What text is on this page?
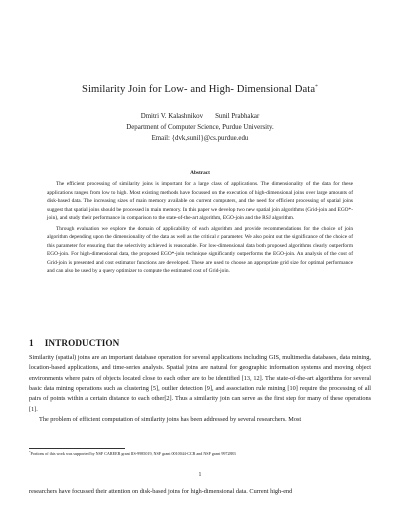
Similarity Join for Low- and High- Dimensional Data*
Dmitri V. Kalashnikov Sunil Prabhakar
Department of Computer Science, Purdue University.
Email: {dvk,sunil}@cs.purdue.edu
Abstract

The efficient processing of similarity joins is important for a large class of applications. The dimensionality of the data for these applications ranges from low to high. Most existing methods have focussed on the execution of high-dimensional joins over large amounts of disk-based data. The increasing sizes of main memory available on current computers, and the need for efficient processing of spatial joins suggest that spatial joins should be processed in main memory. In this paper we develop two new spatial join algorithms (Grid-join and EGO*-join), and study their performance in comparison to the state-of-the-art algorithm, EGO-join and the RSJ algorithm.

Through evaluation we explore the domain of applicability of each algorithm and provide recommendations for the choice of join algorithm depending upon the dimensionality of the data as well as the critical ε parameter. We also point out the significance of the choice of this parameter for ensuring that the selectivity achieved is reasonable. For low-dimensional data both proposed algorithms clearly outperform EGO-join. For high-dimensional data, the proposed EGO*-join technique significantly outperforms the EGO-join. An analysis of the cost of Grid-join is presented and cost estimator functions are developed. These are used to choose an appropriate grid size for optimal performance and can also be used by a query optimizer to compute the estimated cost of Grid-join.

1 INTRODUCTION

Similarity (spatial) joins are an important database operation for several applications including GIS, multimedia databases, data mining, location-based applications, and time-series analysis. Spatial joins are natural for geographic information systems and moving object environments where pairs of objects located close to each other are to be identified [13, 12]. The state-of-the-art algorithms for several basic data mining operations such as clustering [5], outlier detection [9], and association rule mining [10] require the processing of all pairs of points within a certain distance to each other[2]. Thus a similarity join can serve as the first step for many of these operations [1].

The problem of efficient computation of similarity joins has been addressed by several researchers. Most

*Portions of this work was supported by NSF CAREER grant IIS-9985019, NSF grant 0010044-CCR and NSF grant 9972883
1
researchers have focussed their attention on disk-based joins for high-dimensional data. Current high-end
